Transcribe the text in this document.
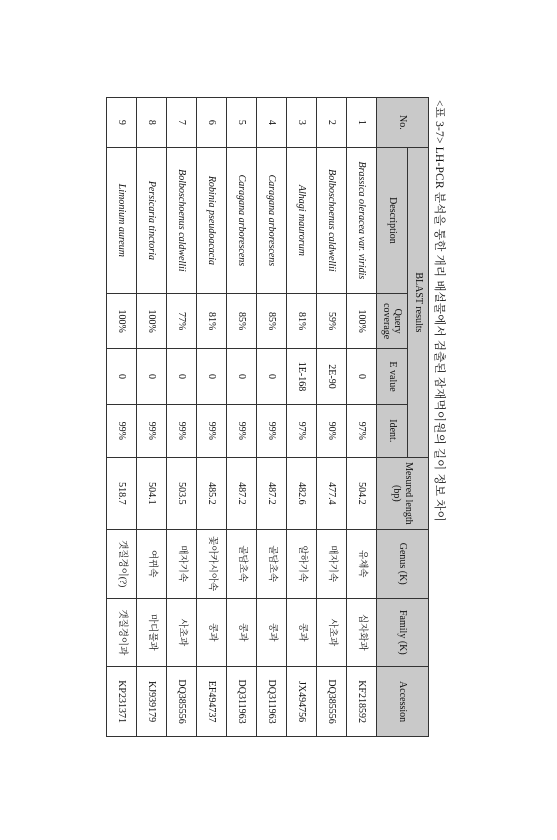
<표 3-7> LH-PCR 분석을 통한 개리 배설물에서 검출된 잠재먹이원의 길이 정보 차이
No.	BLAST results				Mesured length (bp)	Genus (K)	Family (K)	Accession
	Description	Query coverage	E value	Ident.				
1	Brassica oleracea var. viridis	100%	0	97%	504.2	유채속	십자화과	KF218592
2	Bolboschoenus caldwellii	59%	2E-90	90%	477.4	매자기속	사초과	DQ385556
3	Alhagi maurorum	81%	1E-168	97%	482.6	알하기속	콩과	JX494756
4	Caragana arborescens	85%	0	99%	487.2	골담초속	콩과	DQ311963
5	Caragana arborescens	85%	0	99%	487.2	골담초속	콩과	DQ311963
6	Robinia pseudoacacia	81%	0	99%	485.2	꽃아카시아속	콩과	EF494737
7	Bolboschoenus caldwellii	77%	0	99%	503.5	매자기속	사초과	DQ385556
8	Persicaria tinctoria	100%	0	99%	504.1	여뀌속	마디풀과	KJ939179
9	Limonium aureum	100%	0	99%	518.7	갯질경이(?)	갯질경이과	KP231371
